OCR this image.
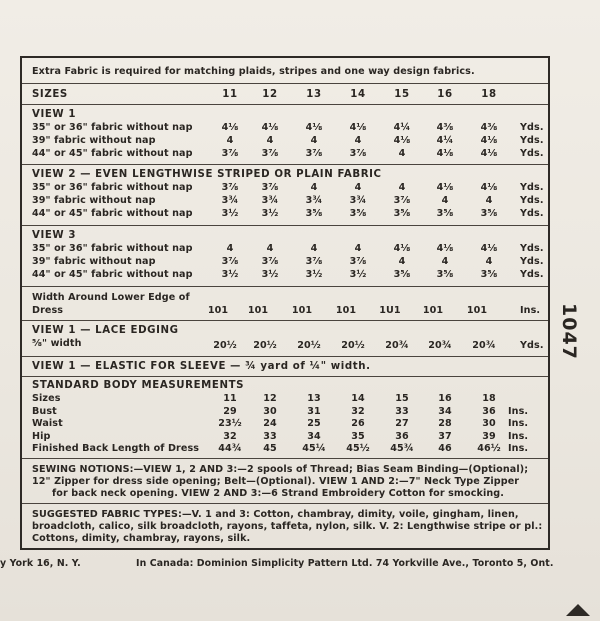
Extra Fabric is required for matching plaids, stripes and one way design fabrics.
SIZES	11	12	13	14	15	16	18
VIEW 1
35" or 36" fabric without nap	4⅛	4⅛	4⅛	4⅛	4¼	4⅜	4⅜	Yds.
39" fabric without nap	4	4	4	4	4⅛	4¼	4⅛	Yds.
44" or 45" fabric without nap	3⅞	3⅞	3⅞	3⅞	4	4⅛	4⅛	Yds.
VIEW 2 — EVEN LENGTHWISE STRIPED OR PLAIN FABRIC
35" or 36" fabric without nap	3⅞	3⅞	4	4	4	4⅛	4⅛	Yds.
39" fabric without nap	3¾	3¾	3¾	3¾	3⅞	4	4	Yds.
44" or 45" fabric without nap	3½	3½	3⅝	3⅝	3⅝	3⅝	3⅝	Yds.
VIEW 3
35" or 36" fabric without nap	4	4	4	4	4⅛	4⅛	4⅛	Yds.
39" fabric without nap	3⅞	3⅞	3⅞	3⅞	4	4	4	Yds.
44" or 45" fabric without nap	3½	3½	3½	3½	3⅝	3⅝	3⅝	Yds.
Width Around Lower Edge of
Dress	101	101	101	101	1U1	101	101	Ins.
VIEW 1 — LACE EDGING
⅝" width	20½	20½	20½	20½	20¾	20¾	20¾	Yds.
VIEW 1 — ELASTIC FOR SLEEVE — ¾ yard of ¼" width.
STANDARD BODY MEASUREMENTS
Sizes	11	12	13	14	15	16	18
Bust	29	30	31	32	33	34	36	Ins.
Waist	23½	24	25	26	27	28	30	Ins.
Hip	32	33	34	35	36	37	39	Ins.
Finished Back Length of Dress	44¾	45	45¼	45½	45¾	46	46½ Ins.
SEWING NOTIONS:—VIEW 1, 2 AND 3:—2 spools of Thread; Bias Seam Binding—(Optional);
12" Zipper for dress side opening; Belt—(Optional). VIEW 1 AND 2:—7" Neck Type Zipper
for back neck opening. VIEW 2 AND 3:—6 Strand Embroidery Cotton for smocking.
SUGGESTED FABRIC TYPES:—V. 1 and 3: Cotton, chambray, dimity, voile, gingham, linen,
broadcloth, calico, silk broadcloth, rayons, taffeta, nylon, silk. V. 2: Lengthwise stripe or pl.:
Cottons, dimity, chambray, rayons, silk.
y York 16, N. Y.	In Canada: Dominion Simplicity Pattern Ltd. 74 Yorkville Ave., Toronto 5, Ont.
